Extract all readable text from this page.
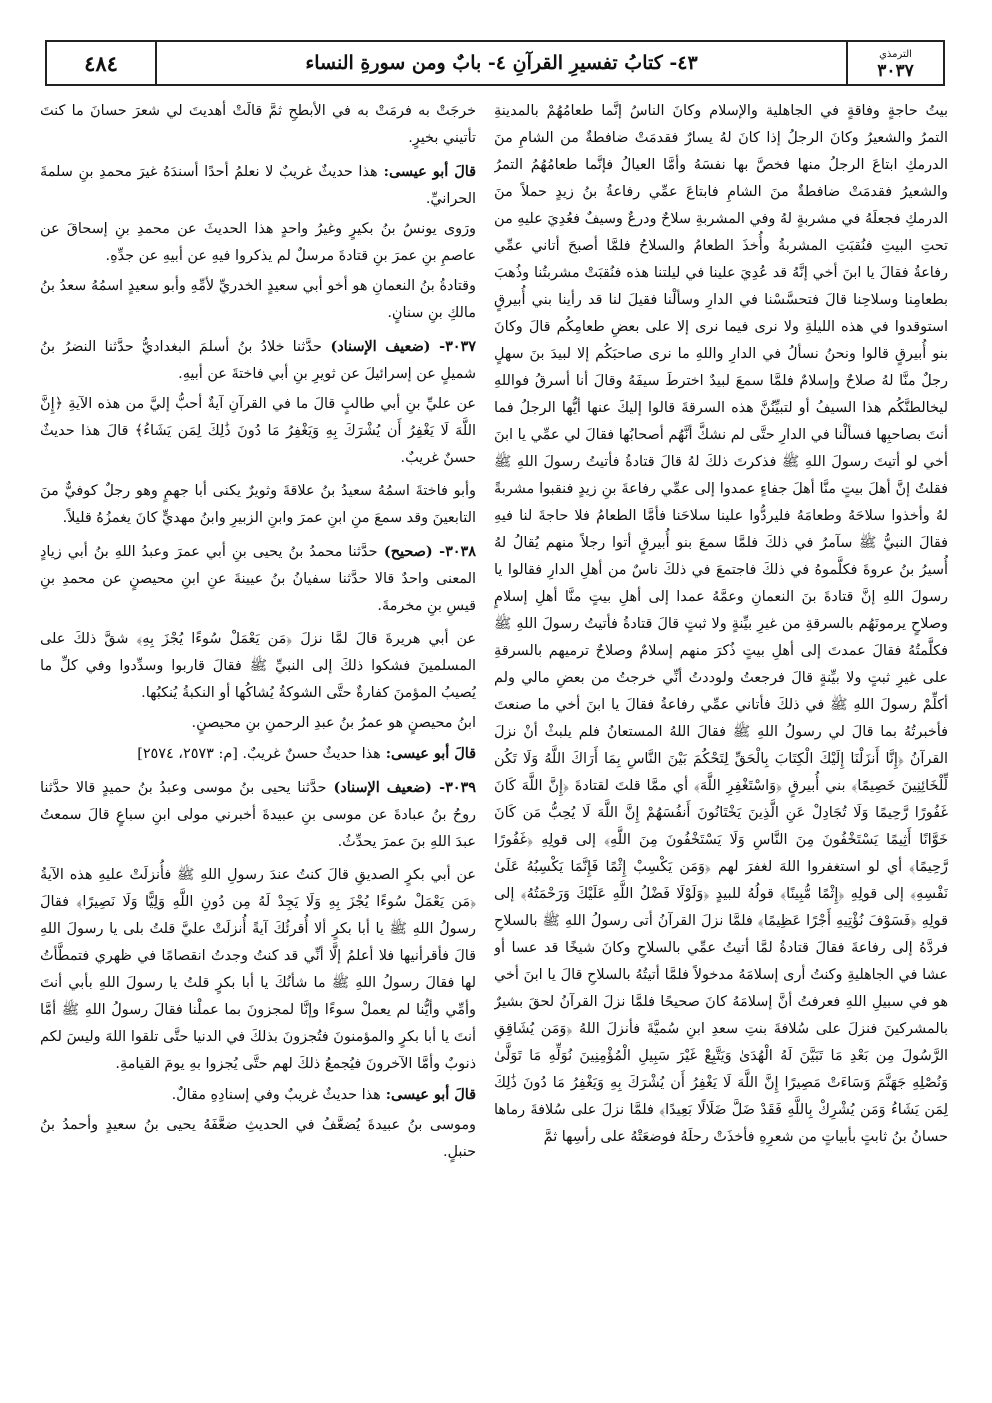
الترمذي
٣٠٣٧
٤٣- كتابُ تفسيرِ القرآنِ ٤- بابٌ ومن سورةِ النساء
٤٨٤

بيتُ حاجةٍ وفاقةٍ في الجاهلية والإسلام وكانَ الناسُ إنَّما طعامُهُمْ بالمدينةِ التمرُ والشعيرُ وكانَ الرجلُ إذا كانَ لهُ يسارٌ فقدمَتْ ضافطةٌ من الشامِ منَ الدرمكِ ابتاعَ الرجلُ منها فخصَّ بها نفسَهُ وأمَّا العيالُ فإنَّما طعامُهُمُ التمرُ والشعيرُ فقدمَتْ ضافطةٌ منَ الشامِ فابتاعَ عمِّي رفاعةُ بنُ زيدٍ حملاً منَ الدرمكِ فجعلَهُ في مشربةٍ لهُ وفي المشربةِ سلاحٌ ودرعٌ وسيفٌ فعُدِيَ عليهِ من تحتِ البيتِ فنُقبَتِ المشربةُ وأُخذَ الطعامُ والسلاحُ فلمَّا أصبحَ أتاني عمِّي رفاعةُ فقالَ يا ابنَ أخي إنَّهُ قد عُدِيَ علينا في ليلتنا هذه فنُقبَتْ مشربتُنا وذُهبَ بطعامِنا وسلاحِنا قالَ فتحسَّسْنا في الدارِ وسألْنا فقيلَ لنا قد رأينا بني أُبيرقٍ استوقدوا في هذه الليلةِ ولا نرى فيما نرى إلا على بعضِ طعامِكُم قالَ وكانَ بنو أُبيرقٍ قالوا ونحنُ نسألُ في الدارِ واللهِ ما نرى صاحبَكُم إلا لبيدَ بنَ سهلٍ رجلٌ منَّا لهُ صلاحٌ وإسلامٌ فلمَّا سمعَ لبيدٌ اخترطَ سيفَهُ وقالَ أنا أسرقُ فواللهِ ليخالطنَّكُم هذا السيفُ أو لتبيِّنُنَّ هذه السرقةَ قالوا إليكَ عنها أيُّها الرجلُ فما أنتَ بصاحبِها فسألْنا في الدارِ حتَّى لم نشكَّ أنَّهُم أصحابُها فقالَ لي عمِّي يا ابنَ أخي لو أتيتَ رسولَ اللهِ ﷺ فذكرتَ ذلكَ لهُ قالَ قتادةُ فأتيتُ رسولَ اللهِ ﷺ فقلتُ إنَّ أهلَ بيتٍ منَّا أهلَ جفاءٍ عمدوا إلى عمِّي رفاعةَ بنِ زيدٍ فنقبوا مشربةً لهُ وأخذوا سلاحَهُ وطعامَهُ فليردُّوا علينا سلاحَنا فأمَّا الطعامُ فلا حاجةَ لنا فيهِ فقالَ النبيُّ ﷺ سآمرُ في ذلكَ فلمَّا سمعَ بنو أُبيرقٍ أتوا رجلاً منهم يُقالُ لهُ أُسيرُ بنُ عروةَ فكلَّموهُ في ذلكَ فاجتمعَ في ذلكَ ناسٌ من أهلِ الدارِ فقالوا يا رسولَ اللهِ إنَّ قتادةَ بنَ النعمانِ وعمَّهُ عمدا إلى أهلِ بيتٍ منَّا أهلِ إسلامٍ وصلاحٍ يرمونَهُم بالسرقةِ من غيرِ بيِّنةٍ ولا ثبتٍ قالَ قتادةُ فأتيتُ رسولَ اللهِ ﷺ فكلَّمتُهُ فقالَ عمدتَ إلى أهلِ بيتٍ ذُكرَ منهم إسلامٌ وصلاحٌ ترميهم بالسرقةِ على غيرِ ثبتٍ ولا بيِّنةٍ قالَ فرجعتُ ولوددتُ أنِّي خرجتُ من بعضِ مالي ولم أكلِّمْ رسولَ اللهِ ﷺ في ذلكَ فأتاني عمِّي رفاعةُ فقالَ يا ابنَ أخي ما صنعتَ فأخبرتُهُ بما قالَ لي رسولُ اللهِ ﷺ فقالَ اللهُ المستعانُ فلم يلبثْ أنْ نزلَ القرآنُ ﴿إِنَّا أَنزَلْنَا إِلَيْكَ الْكِتَابَ بِالْحَقِّ لِتَحْكُمَ بَيْنَ النَّاسِ بِمَا أَرَاكَ اللَّهُ وَلَا تَكُن لِّلْخَائِنِينَ خَصِيمًا﴾ بني أُبيرقٍ ﴿وَاسْتَغْفِرِ اللَّهَ﴾ أي ممَّا قلتَ لقتادةَ ﴿إِنَّ اللَّهَ كَانَ غَفُورًا رَّحِيمًا وَلَا تُجَادِلْ عَنِ الَّذِينَ يَخْتَانُونَ أَنفُسَهُمْ إِنَّ اللَّهَ لَا يُحِبُّ مَن كَانَ خَوَّانًا أَثِيمًا يَسْتَخْفُونَ مِنَ النَّاسِ وَلَا يَسْتَخْفُونَ مِنَ اللَّهِ﴾ إلى قولِهِ ﴿غَفُورًا رَّحِيمًا﴾ أي لو استغفروا اللهَ لغفرَ لهم ﴿وَمَن يَكْسِبْ إِثْمًا فَإِنَّمَا يَكْسِبُهُ عَلَىٰ نَفْسِهِ﴾ إلى قولِهِ ﴿إِثْمًا مُّبِينًا﴾ قولُهُ للبيدٍ ﴿وَلَوْلَا فَضْلُ اللَّهِ عَلَيْكَ وَرَحْمَتُهُ﴾ إلى قولِهِ ﴿فَسَوْفَ نُؤْتِيهِ أَجْرًا عَظِيمًا﴾ فلمَّا نزلَ القرآنُ أتى رسولُ اللهِ ﷺ بالسلاحِ فردَّهُ إلى رفاعةَ فقالَ قتادةُ لمَّا أتيتُ عمِّي بالسلاحِ وكانَ شيخًا قد عسا أو عشا في الجاهليةِ وكنتُ أرى إسلامَهُ مدخولاً فلمَّا أتيتُهُ بالسلاحِ قالَ يا ابنَ أخي هو في سبيلِ اللهِ فعرفتُ أنَّ إسلامَهُ كانَ صحيحًا فلمَّا نزلَ القرآنُ لحقَ بشيرٌ بالمشركينَ فنزلَ على سُلافةَ بنتِ سعدِ ابنِ سُميَّةَ فأنزلَ اللهُ ﴿وَمَن يُشَاقِقِ الرَّسُولَ مِن بَعْدِ مَا تَبَيَّنَ لَهُ الْهُدَىٰ وَيَتَّبِعْ غَيْرَ سَبِيلِ الْمُؤْمِنِينَ نُوَلِّهِ مَا تَوَلَّىٰ وَنُصْلِهِ جَهَنَّمَ وَسَاءَتْ مَصِيرًا إِنَّ اللَّهَ لَا يَغْفِرُ أَن يُشْرَكَ بِهِ وَيَغْفِرُ مَا دُونَ ذَٰلِكَ لِمَن يَشَاءُ وَمَن يُشْرِكْ بِاللَّهِ فَقَدْ ضَلَّ ضَلَالًا بَعِيدًا﴾ فلمَّا نزلَ على سُلافةَ رماها حسانُ بنُ ثابتٍ بأبياتٍ من شعرِهِ فأخذَتْ رحلَهُ فوضعَتْهُ على رأسِها ثمَّ

خرجَتْ به فرمَتْ به في الأبطحِ ثمَّ قالَتْ أهديتَ لي شعرَ حسانَ ما كنتَ تأتيني بخيرٍ.

قالَ أبو عيسى: هذا حديثٌ غريبٌ لا نعلمُ أحدًا أسندَهُ غيرَ محمدِ بنِ سلمةَ الحرانيِّ.

ورَوى يونسُ بنُ بكيرٍ وغيرُ واحدٍ هذا الحديثَ عن محمدِ بنِ إسحاقَ عن عاصمِ بنِ عمرَ بنِ قتادةَ مرسلٌ لم يذكروا فيهِ عن أبيهِ عن جدِّهِ.

وقتادةُ بنُ النعمانِ هو أخو أبي سعيدٍ الخدريِّ لأمِّهِ وأبو سعيدٍ اسمُهُ سعدُ بنُ مالكِ بنِ سنانٍ.

٣٠٣٧- (ضعيف الإسناد) حدَّثنا خلادُ بنُ أسلمَ البغداديُّ حدَّثنا النضرُ بنُ شميلٍ عن إسرائيلَ عن ثويرِ بنِ أبي فاختةَ عن أبيهِ.

عن عليِّ بنِ أبي طالبٍ قالَ ما في القرآنِ آيةٌ أحبُّ إليَّ من هذه الآيةِ ﴿إِنَّ اللَّهَ لَا يَغْفِرُ أَن يُشْرَكَ بِهِ وَيَغْفِرُ مَا دُونَ ذَٰلِكَ لِمَن يَشَاءُ﴾ قالَ هذا حديثٌ حسنٌ غريبٌ.

وأبو فاختةَ اسمُهُ سعيدُ بنُ علاقةَ وثويرٌ يكنى أبا جهمٍ وهو رجلٌ كوفيٌّ منَ التابعينَ وقد سمعَ منِ ابنِ عمرَ وابنِ الزبيرِ وابنُ مهديٍّ كانَ يغمزُهُ قليلاً.

٣٠٣٨- (صحيح) حدَّثنا محمدُ بنُ يحيى بنِ أبي عمرَ وعبدُ اللهِ بنُ أبي زيادٍ المعنى واحدٌ قالا حدَّثنا سفيانُ بنُ عيينةَ عنِ ابنِ محيصنٍ عن محمدِ بنِ قيسِ بنِ مخرمةَ.

عن أبي هريرةَ قالَ لمَّا نزلَ ﴿مَن يَعْمَلْ سُوءًا يُجْزَ بِهِ﴾ شقَّ ذلكَ على المسلمينَ فشكوا ذلكَ إلى النبيِّ ﷺ فقالَ قاربوا وسدِّدوا وفي كلِّ ما يُصيبُ المؤمنَ كفارةٌ حتَّى الشوكةُ يُشاكُها أو النكبةُ يُنكبُها.

ابنُ محيصنٍ هو عمرُ بنُ عبدِ الرحمنِ بنِ محيصنٍ.

قالَ أبو عيسى: هذا حديثٌ حسنٌ غريبٌ. [م: ٢٥٧٣، ٢٥٧٤]

٣٠٣٩- (ضعيف الإسناد) حدَّثنا يحيى بنُ موسى وعبدُ بنُ حميدٍ قالا حدَّثنا روحُ بنُ عبادةَ عن موسى بنِ عبيدةَ أخبرني مولى ابنِ سباعٍ قالَ سمعتُ عبدَ اللهِ بنَ عمرَ يحدِّثُ.

عن أبي بكرٍ الصديقِ قالَ كنتُ عندَ رسولِ اللهِ ﷺ فأُنزلَتْ عليهِ هذه الآيةُ ﴿مَن يَعْمَلْ سُوءًا يُجْزَ بِهِ وَلَا يَجِدْ لَهُ مِن دُونِ اللَّهِ وَلِيًّا وَلَا نَصِيرًا﴾ فقالَ رسولُ اللهِ ﷺ يا أبا بكرٍ ألا أُقرئُكَ آيةً أُنزلَتْ عليَّ قلتُ بلى يا رسولَ اللهِ قالَ فأقرأنيها فلا أعلمُ إلَّا أنِّي قد كنتُ وجدتُ انقصامًا في ظهري فتمطَّأتُ لها فقالَ رسولُ اللهِ ﷺ ما شأنُكَ يا أبا بكرٍ قلتُ يا رسولَ اللهِ بأبي أنتَ وأمِّي وأيُّنا لم يعملْ سوءًا وإنَّا لمجزونَ بما عملْنا فقالَ رسولُ اللهِ ﷺ أمَّا أنتَ يا أبا بكرٍ والمؤمنونَ فتُجزونَ بذلكَ في الدنيا حتَّى تلقوا اللهَ وليسَ لكم ذنوبٌ وأمَّا الآخرونَ فيُجمعُ ذلكَ لهم حتَّى يُجزوا بهِ يومَ القيامةِ.

قالَ أبو عيسى: هذا حديثٌ غريبٌ وفي إسنادِهِ مقالٌ.

وموسى بنُ عبيدةَ يُضعَّفُ في الحديثِ ضعَّفَهُ يحيى بنُ سعيدٍ وأحمدُ بنُ حنبلٍ.
